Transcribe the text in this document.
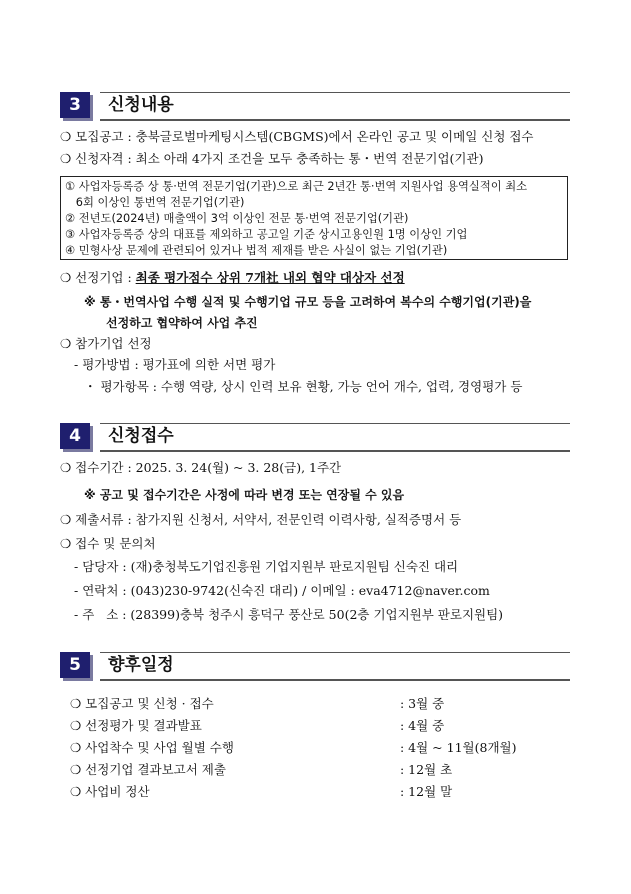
3	신청내용
❍ 모집공고 : 충북글로벌마케팅시스템(CBGMS)에서 온라인 공고 및 이메일 신청 접수
❍ 신청자격 : 최소 아래 4가지 조건을 모두 충족하는 통・번역 전문기업(기관)
① 사업자등록증 상 통·번역 전문기업(기관)으로 최근 2년간 통·번역 지원사업 용역실적이 최소
6회 이상인 통번역 전문기업(기관)
② 전년도(2024년) 매출액이 3억 이상인 전문 통·번역 전문기업(기관)
③ 사업자등록증 상의 대표를 제외하고 공고일 기준 상시고용인원 1명 이상인 기업
④ 민형사상 문제에 관련되어 있거나 법적 제재를 받은 사실이 없는 기업(기관)
❍ 선정기업 : 최종 평가점수 상위 7개社 내외 협약 대상자 선정
※ 통・번역사업 수행 실적 및 수행기업 규모 등을 고려하여 복수의 수행기업(기관)을
선정하고 협약하여 사업 추진
❍ 참가기업 선정
- 평가방법 : 평가표에 의한 서면 평가
・ 평가항목 : 수행 역량, 상시 인력 보유 현황, 가능 언어 개수, 업력, 경영평가 등
4	신청접수
❍ 접수기간 : 2025. 3. 24(월) ~ 3. 28(금), 1주간
※ 공고 및 접수기간은 사정에 따라 변경 또는 연장될 수 있음
❍ 제출서류 : 참가지원 신청서, 서약서, 전문인력 이력사항, 실적증명서 등
❍ 접수 및 문의처
- 담당자 : (재)충청북도기업진흥원 기업지원부 판로지원팀 신숙진 대리
- 연락처 : (043)230-9742(신숙진 대리) / 이메일 : eva4712@naver.com
- 주   소 : (28399)충북 청주시 흥덕구 풍산로 50(2층 기업지원부 판로지원팀)
5	향후일정
❍ 모집공고 및 신청 · 접수	: 3월 중
❍ 선정평가 및 결과발표	: 4월 중
❍ 사업착수 및 사업 월별 수행	: 4월 ~ 11월(8개월)
❍ 선정기업 결과보고서 제출	: 12월 초
❍ 사업비 정산	: 12월 말
